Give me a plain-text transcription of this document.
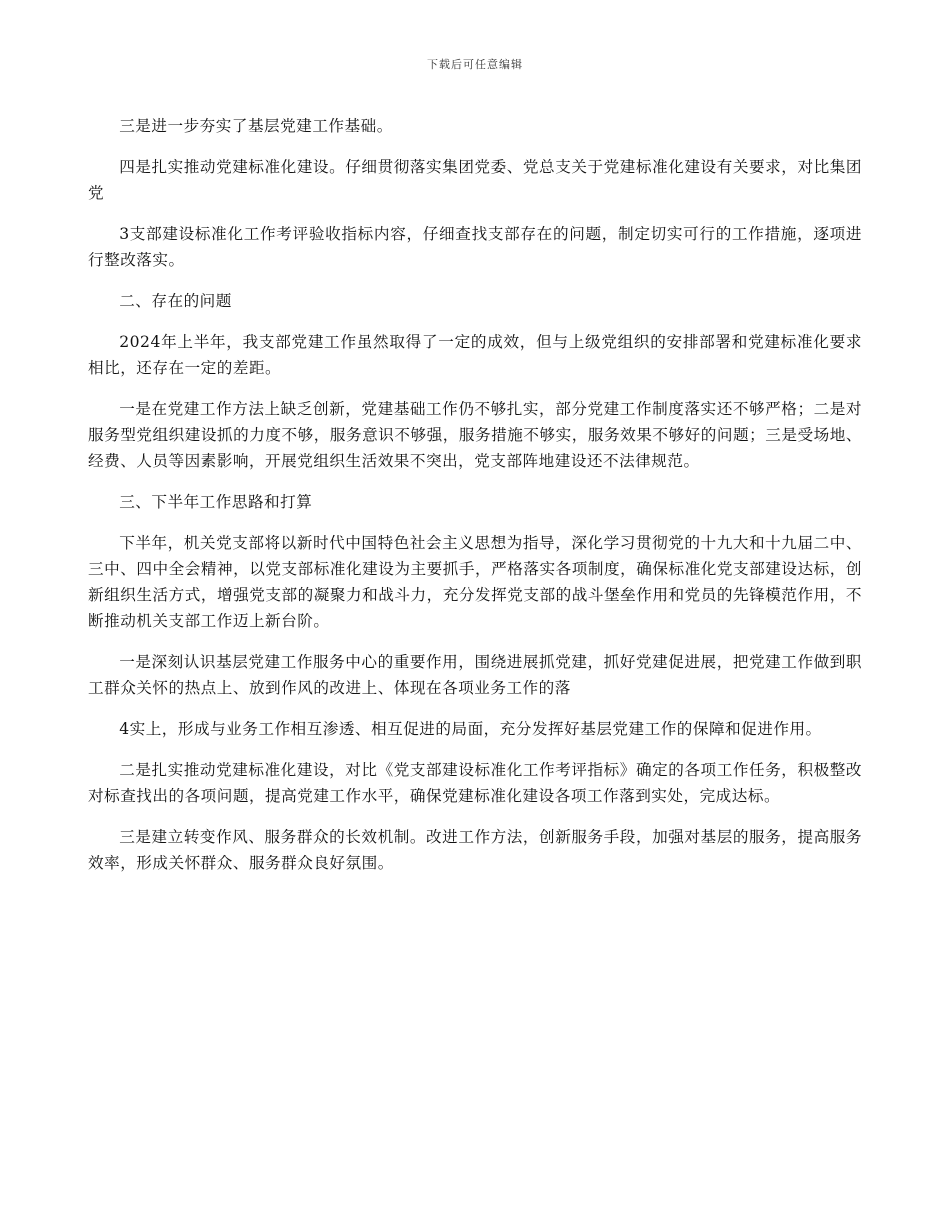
下载后可任意编辑

三是进一步夯实了基层党建工作基础。

四是扎实推动党建标准化建设。仔细贯彻落实集团党委、党总支关于党建标准化建设有关要求，对比集团党

3支部建设标准化工作考评验收指标内容，仔细查找支部存在的问题，制定切实可行的工作措施，逐项进行整改落实。

二、存在的问题

2024年上半年，我支部党建工作虽然取得了一定的成效，但与上级党组织的安排部署和党建标准化要求相比，还存在一定的差距。

一是在党建工作方法上缺乏创新，党建基础工作仍不够扎实，部分党建工作制度落实还不够严格；二是对服务型党组织建设抓的力度不够，服务意识不够强，服务措施不够实，服务效果不够好的问题；三是受场地、经费、人员等因素影响，开展党组织生活效果不突出，党支部阵地建设还不法律规范。

三、下半年工作思路和打算

下半年，机关党支部将以新时代中国特色社会主义思想为指导，深化学习贯彻党的十九大和十九届二中、三中、四中全会精神，以党支部标准化建设为主要抓手，严格落实各项制度，确保标准化党支部建设达标，创新组织生活方式，增强党支部的凝聚力和战斗力，充分发挥党支部的战斗堡垒作用和党员的先锋模范作用，不断推动机关支部工作迈上新台阶。

一是深刻认识基层党建工作服务中心的重要作用，围绕进展抓党建，抓好党建促进展，把党建工作做到职工群众关怀的热点上、放到作风的改进上、体现在各项业务工作的落

4实上，形成与业务工作相互渗透、相互促进的局面，充分发挥好基层党建工作的保障和促进作用。

二是扎实推动党建标准化建设，对比《党支部建设标准化工作考评指标》确定的各项工作任务，积极整改对标查找出的各项问题，提高党建工作水平，确保党建标准化建设各项工作落到实处，完成达标。

三是建立转变作风、服务群众的长效机制。改进工作方法，创新服务手段，加强对基层的服务，提高服务效率，形成关怀群众、服务群众良好氛围。
